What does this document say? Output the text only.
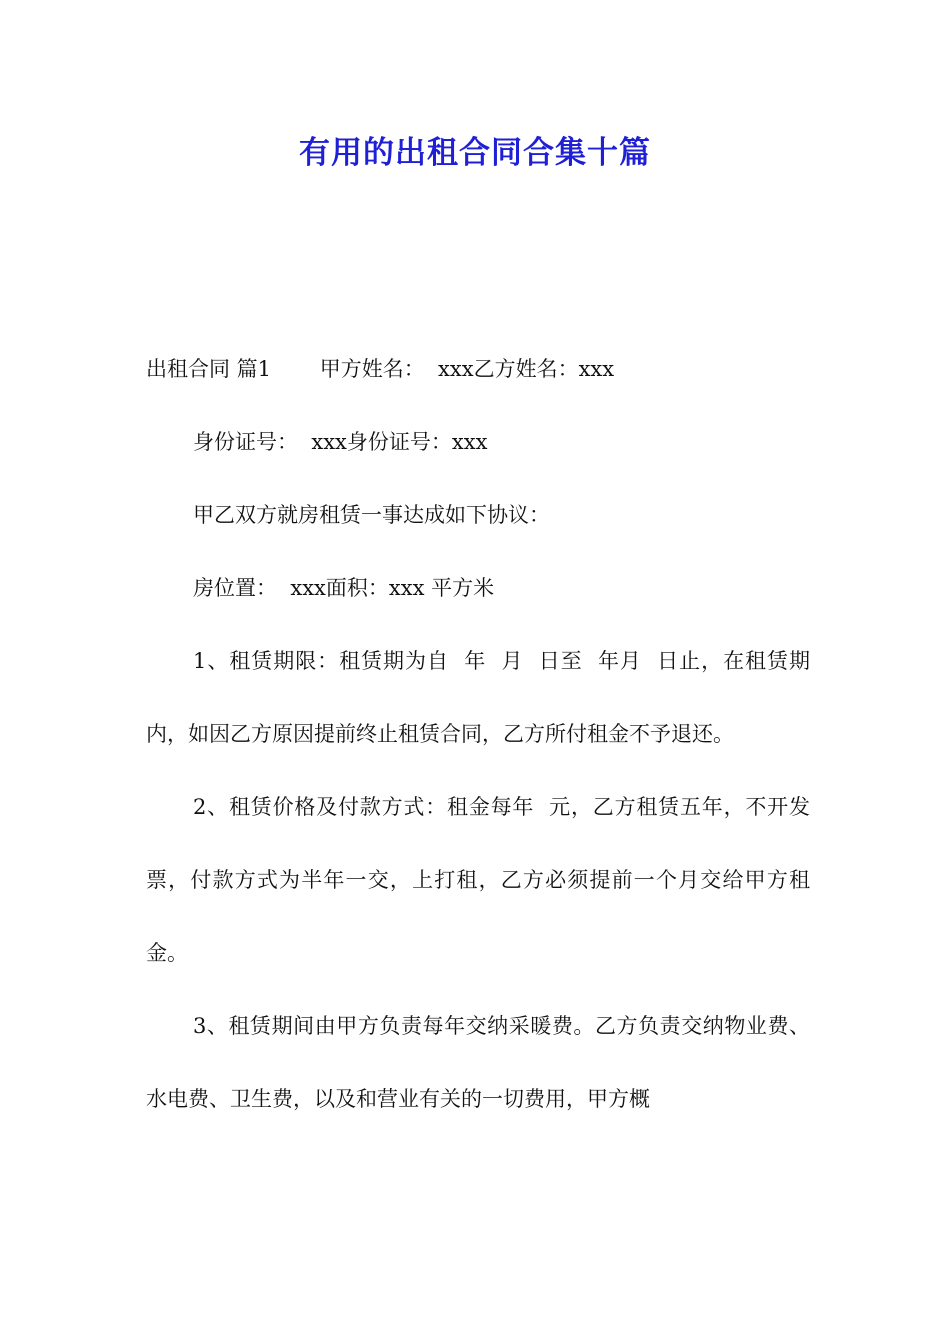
有用的出租合同合集十篇

出租合同 篇1 　　甲方姓名：  xxx乙方姓名：xxx

身份证号：  xxx身份证号：xxx

甲乙双方就房租赁一事达成如下协议：

房位置：  xxx面积：xxx 平方米

1、租赁期限：租赁期为自  年  月  日至  年月  日止，在租赁期内，如因乙方原因提前终止租赁合同，乙方所付租金不予退还。

2、租赁价格及付款方式：租金每年  元，乙方租赁五年，不开发票，付款方式为半年一交，上打租，乙方必须提前一个月交给甲方租金。

3、租赁期间由甲方负责每年交纳采暖费。乙方负责交纳物业费、水电费、卫生费，以及和营业有关的一切费用，甲方概
